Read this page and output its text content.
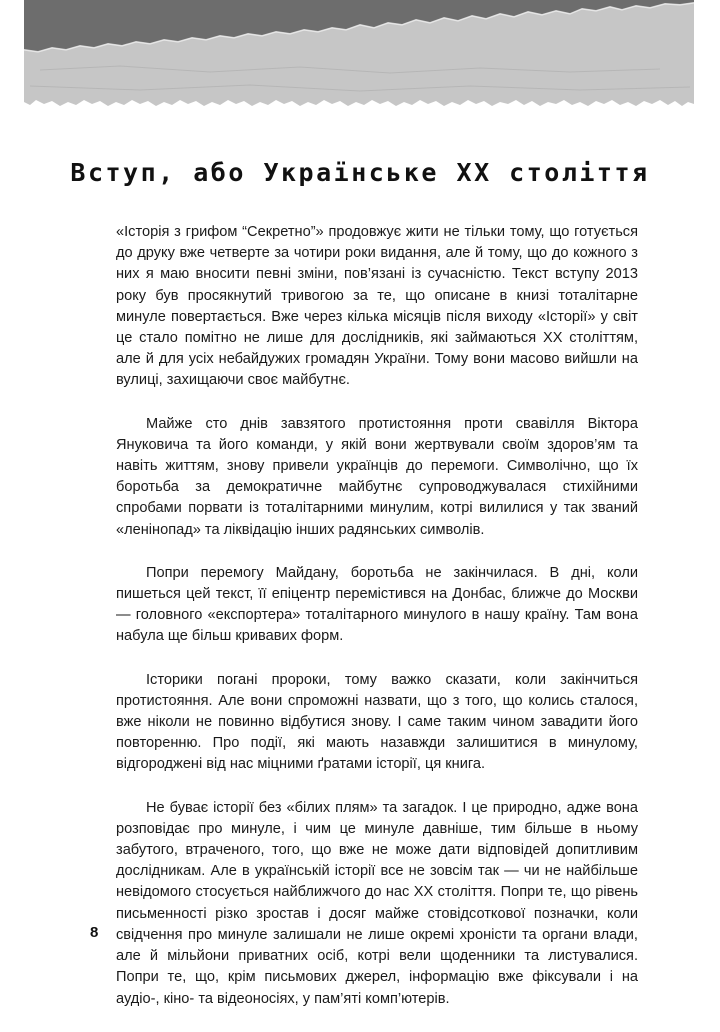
Вступ, або Українське ХХ століття

«Історія з грифом “Секретно”» продовжує жити не тільки тому, що готується до друку вже четверте за чотири роки видання, але й тому, що до кожного з них я маю вносити певні зміни, пов’язані із сучасністю. Текст вступу 2013 року був просякнутий тривогою за те, що описане в книзі тоталітарне минуле повертається. Вже через кілька місяців після виходу «Історії» у світ це стало помітно не лише для дослідників, які займаються ХХ століттям, але й для усіх небайдужих громадян України. Тому вони масово вийшли на вулиці, захищаючи своє майбутнє.

Майже сто днів завзятого протистояння проти свавілля Віктора Януковича та його команди, у якій вони жертвували своїм здоров’ям та навіть життям, знову привели українців до перемоги. Символічно, що їх боротьба за демократичне майбутнє супроводжувалася стихійними спробами порвати із тоталітарними минулим, котрі вилилися у так званий «ленінопад» та ліквідацію інших радянських символів.

Попри перемогу Майдану, боротьба не закінчилася. В дні, коли пишеться цей текст, її епіцентр перемістився на Донбас, ближче до Москви — головного «експортера» тоталітарного минулого в нашу країну. Там вона набула ще більш кривавих форм.

Історики погані пророки, тому важко сказати, коли закінчиться протистояння. Але вони спроможні назвати, що з того, що колись сталося, вже ніколи не повинно відбутися знову. І саме таким чином завадити його повторенню. Про події, які мають назавжди залишитися в минулому, відгороджені від нас міцними ґратами історії, ця книга.

Не буває історії без «білих плям» та загадок. І це природно, адже вона розповідає про минуле, і чим це минуле давніше, тим більше в ньому забутого, втраченого, того, що вже не може дати відповідей допитливим дослідникам. Але в українській історії все не зовсім так — чи не найбільше невідомого стосується найближчого до нас ХХ століття. Попри те, що рівень письменності різко зростав і досяг майже стовідсоткової позначки, коли свідчення про минуле залишали не лише окремі хроністи та органи влади, але й мільйони приватних осіб, котрі вели щоденники та листувалися. Попри те, що, крім письмових джерел, інформацію вже фіксували і на аудіо-, кіно- та відеоносіях, у пам’яті комп’ютерів.

8
